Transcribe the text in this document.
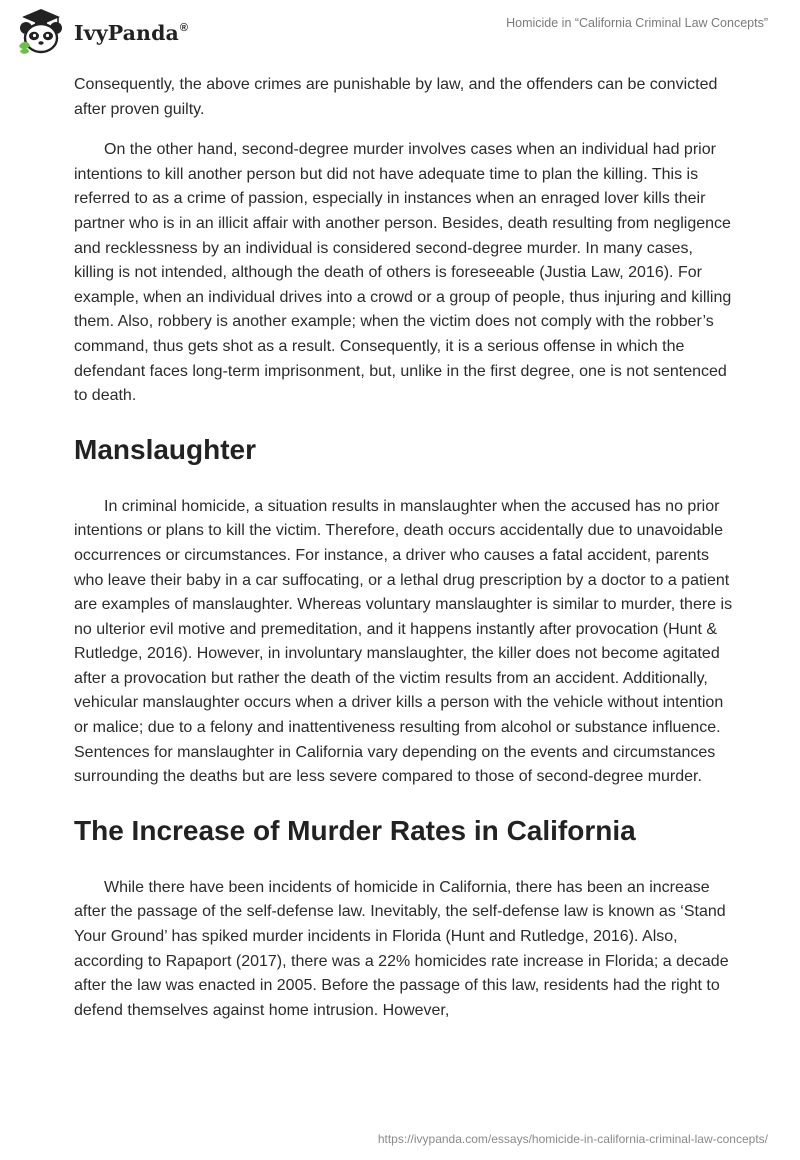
IvyPanda®	Homicide in “California Criminal Law Concepts”

Consequently, the above crimes are punishable by law, and the offenders can be convicted after proven guilty.

On the other hand, second-degree murder involves cases when an individual had prior intentions to kill another person but did not have adequate time to plan the killing. This is referred to as a crime of passion, especially in instances when an enraged lover kills their partner who is in an illicit affair with another person. Besides, death resulting from negligence and recklessness by an individual is considered second-degree murder. In many cases, killing is not intended, although the death of others is foreseeable (Justia Law, 2016). For example, when an individual drives into a crowd or a group of people, thus injuring and killing them. Also, robbery is another example; when the victim does not comply with the robber’s command, thus gets shot as a result. Consequently, it is a serious offense in which the defendant faces long-term imprisonment, but, unlike in the first degree, one is not sentenced to death.

Manslaughter

In criminal homicide, a situation results in manslaughter when the accused has no prior intentions or plans to kill the victim. Therefore, death occurs accidentally due to unavoidable occurrences or circumstances. For instance, a driver who causes a fatal accident, parents who leave their baby in a car suffocating, or a lethal drug prescription by a doctor to a patient are examples of manslaughter. Whereas voluntary manslaughter is similar to murder, there is no ulterior evil motive and premeditation, and it happens instantly after provocation (Hunt & Rutledge, 2016). However, in involuntary manslaughter, the killer does not become agitated after a provocation but rather the death of the victim results from an accident. Additionally, vehicular manslaughter occurs when a driver kills a person with the vehicle without intention or malice; due to a felony and inattentiveness resulting from alcohol or substance influence. Sentences for manslaughter in California vary depending on the events and circumstances surrounding the deaths but are less severe compared to those of second-degree murder.

The Increase of Murder Rates in California

While there have been incidents of homicide in California, there has been an increase after the passage of the self-defense law. Inevitably, the self-defense law is known as ‘Stand Your Ground’ has spiked murder incidents in Florida (Hunt and Rutledge, 2016). Also, according to Rapaport (2017), there was a 22% homicides rate increase in Florida; a decade after the law was enacted in 2005. Before the passage of this law, residents had the right to defend themselves against home intrusion. However,

https://ivypanda.com/essays/homicide-in-california-criminal-law-concepts/
